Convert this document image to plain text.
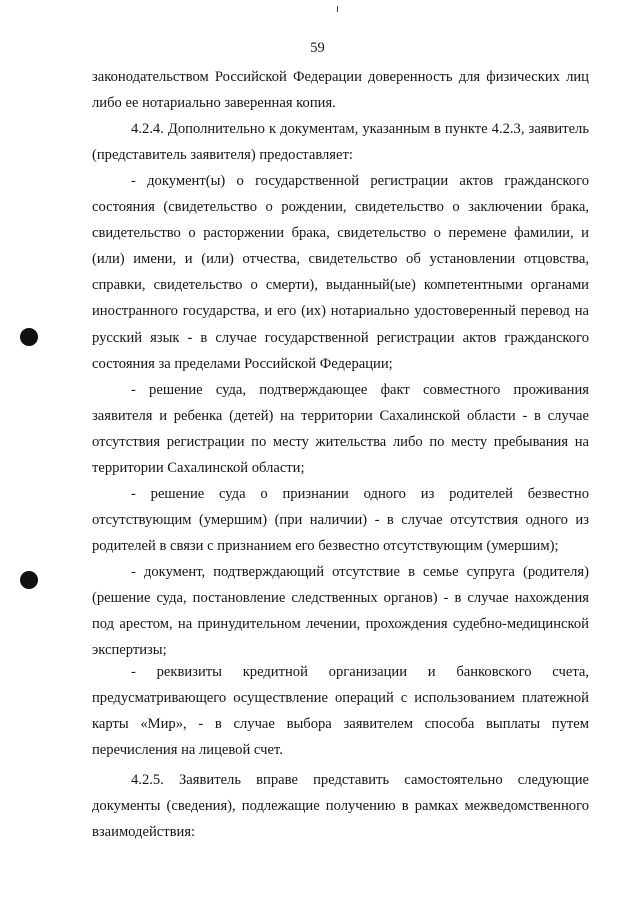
59
законодательством Российской Федерации доверенность для физических лиц либо ее нотариально заверенная копия.
4.2.4. Дополнительно к документам, указанным в пункте 4.2.3, заявитель (представитель заявителя) предоставляет:
- документ(ы) о государственной регистрации актов гражданского состояния (свидетельство о рождении, свидетельство о заключении брака, свидетельство о расторжении брака, свидетельство о перемене фамилии, и (или) имени, и (или) отчества, свидетельство об установлении отцовства, справки, свидетельство о смерти), выданный(ые) компетентными органами иностранного государства, и его (их) нотариально удостоверенный перевод на русский язык - в случае государственной регистрации актов гражданского состояния за пределами Российской Федерации;
- решение суда, подтверждающее факт совместного проживания заявителя и ребенка (детей) на территории Сахалинской области - в случае отсутствия регистрации по месту жительства либо по месту пребывания на территории Сахалинской области;
- решение суда о признании одного из родителей безвестно отсутствующим (умершим) (при наличии) - в случае отсутствия одного из родителей в связи с признанием его безвестно отсутствующим (умершим);
- документ, подтверждающий отсутствие в семье супруга (родителя) (решение суда, постановление следственных органов) - в случае нахождения под арестом, на принудительном лечении, прохождения судебно-медицинской экспертизы;
- реквизиты кредитной организации и банковского счета, предусматривающего осуществление операций с использованием платежной карты «Мир», - в случае выбора заявителем способа выплаты путем перечисления на лицевой счет.
4.2.5. Заявитель вправе представить самостоятельно следующие документы (сведения), подлежащие получению в рамках межведомственного взаимодействия:
